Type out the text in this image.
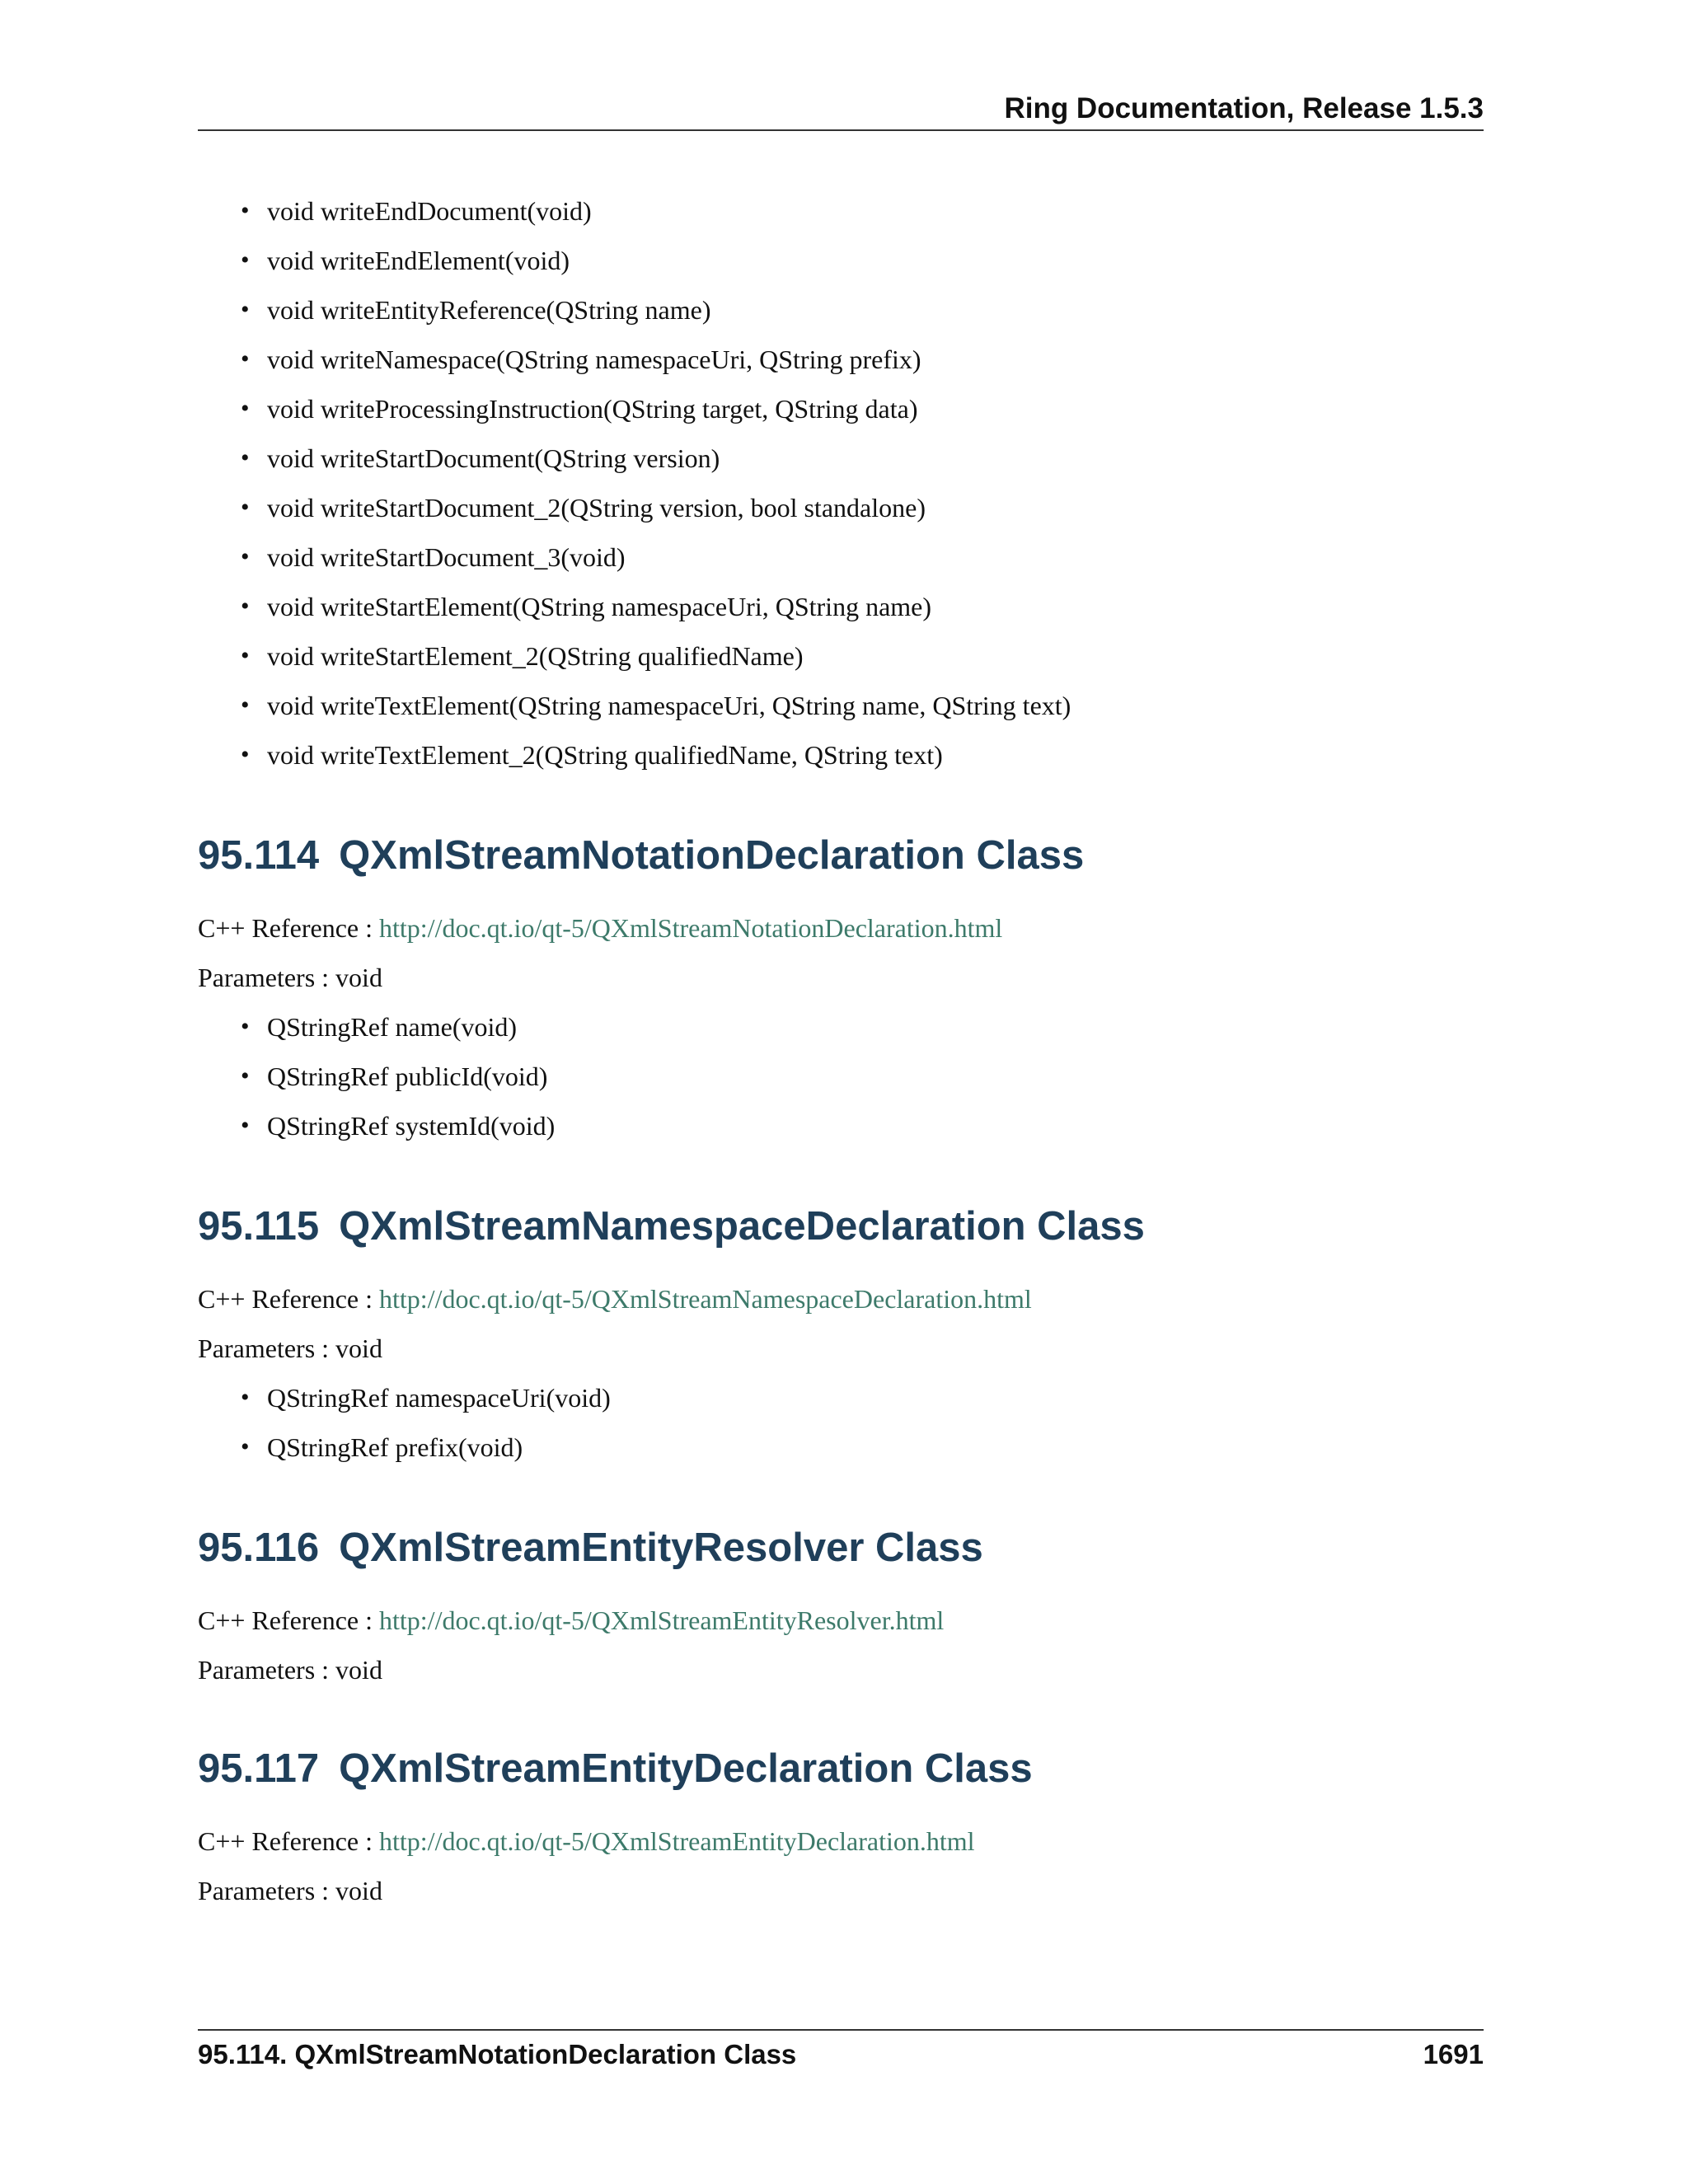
Ring Documentation, Release 1.5.3
• void writeEndDocument(void)
• void writeEndElement(void)
• void writeEntityReference(QString name)
• void writeNamespace(QString namespaceUri, QString prefix)
• void writeProcessingInstruction(QString target, QString data)
• void writeStartDocument(QString version)
• void writeStartDocument_2(QString version, bool standalone)
• void writeStartDocument_3(void)
• void writeStartElement(QString namespaceUri, QString name)
• void writeStartElement_2(QString qualifiedName)
• void writeTextElement(QString namespaceUri, QString name, QString text)
• void writeTextElement_2(QString qualifiedName, QString text)
95.114 QXmlStreamNotationDeclaration Class

C++ Reference : http://doc.qt.io/qt-5/QXmlStreamNotationDeclaration.html

Parameters : void

• QStringRef name(void)
• QStringRef publicId(void)
• QStringRef systemId(void)
95.115 QXmlStreamNamespaceDeclaration Class

C++ Reference : http://doc.qt.io/qt-5/QXmlStreamNamespaceDeclaration.html

Parameters : void

• QStringRef namespaceUri(void)
• QStringRef prefix(void)
95.116 QXmlStreamEntityResolver Class

C++ Reference : http://doc.qt.io/qt-5/QXmlStreamEntityResolver.html

Parameters : void

95.117 QXmlStreamEntityDeclaration Class

C++ Reference : http://doc.qt.io/qt-5/QXmlStreamEntityDeclaration.html

Parameters : void

95.114. QXmlStreamNotationDeclaration Class	1691
